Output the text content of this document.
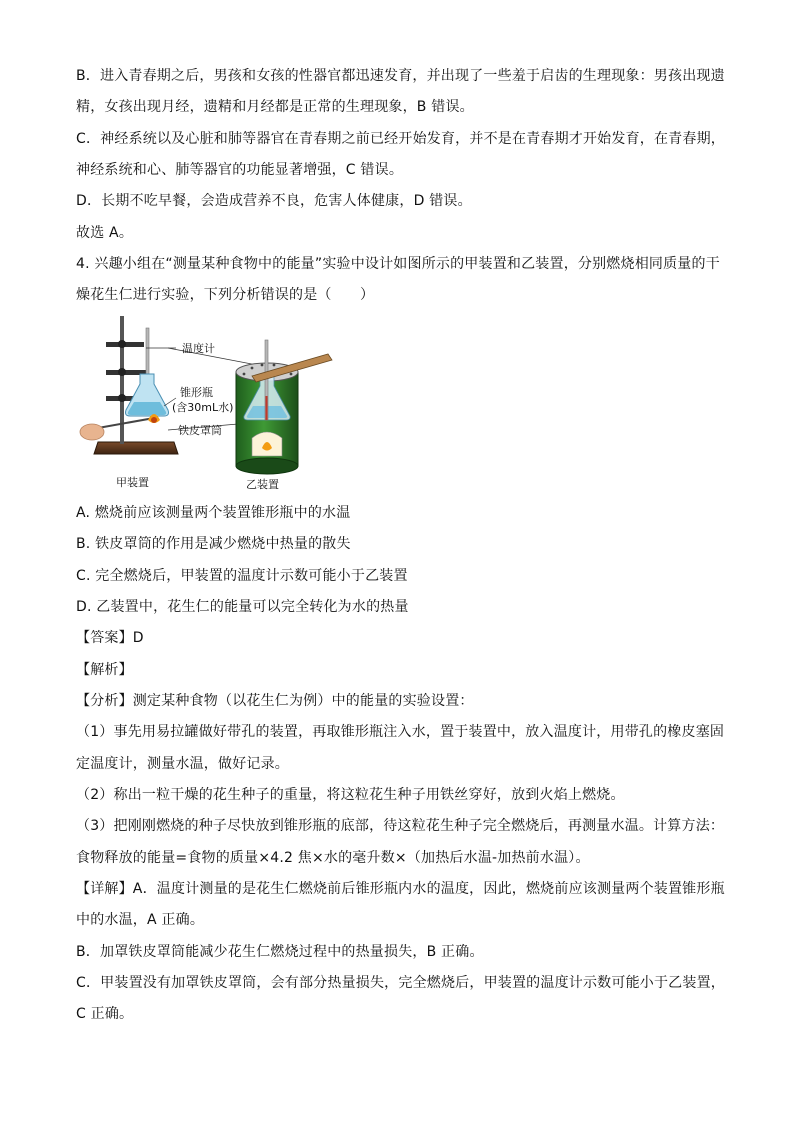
B．进入青春期之后，男孩和女孩的性器官都迅速发育，并出现了一些羞于启齿的生理现象：男孩出现遗
精，女孩出现月经，遗精和月经都是正常的生理现象，B 错误。
C．神经系统以及心脏和肺等器官在青春期之前已经开始发育，并不是在青春期才开始发育，在青春期，
神经系统和心、肺等器官的功能显著增强，C 错误。
D．长期不吃早餐，会造成营养不良，危害人体健康，D 错误。
故选 A。
4. 兴趣小组在“测量某种食物中的能量”实验中设计如图所示的甲装置和乙装置，分别燃烧相同质量的干
燥花生仁进行实验，下列分析错误的是（　　）
温度计
锥形瓶
(含30mL水)
铁皮罩筒
甲装置	乙装置
A. 燃烧前应该测量两个装置锥形瓶中的水温
B. 铁皮罩筒的作用是减少燃烧中热量的散失
C. 完全燃烧后，甲装置的温度计示数可能小于乙装置
D. 乙装置中，花生仁的能量可以完全转化为水的热量
【答案】D
【解析】
【分析】测定某种食物（以花生仁为例）中的能量的实验设置：
（1）事先用易拉罐做好带孔的装置，再取锥形瓶注入水，置于装置中，放入温度计，用带孔的橡皮塞固
定温度计，测量水温，做好记录。
（2）称出一粒干燥的花生种子的重量，将这粒花生种子用铁丝穿好，放到火焰上燃烧。
（3）把刚刚燃烧的种子尽快放到锥形瓶的底部，待这粒花生种子完全燃烧后，再测量水温。计算方法：
食物释放的能量=食物的质量×4.2 焦×水的毫升数×（加热后水温-加热前水温）。
【详解】A．温度计测量的是花生仁燃烧前后锥形瓶内水的温度，因此，燃烧前应该测量两个装置锥形瓶
中的水温，A 正确。
B．加罩铁皮罩筒能减少花生仁燃烧过程中的热量损失，B 正确。
C．甲装置没有加罩铁皮罩筒，会有部分热量损失，完全燃烧后，甲装置的温度计示数可能小于乙装置，
C 正确。
